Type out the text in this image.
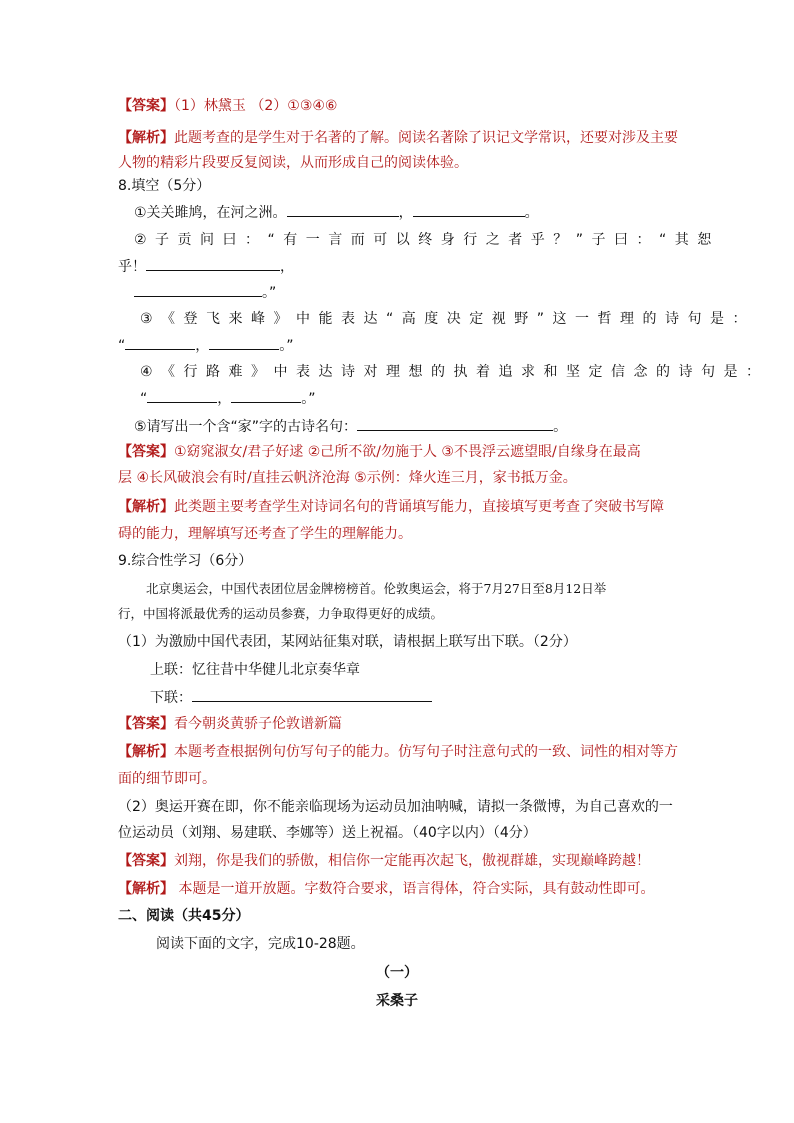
【答案】（1）林黛玉 （2）①③④⑥
【解析】此题考查的是学生对于名著的了解。阅读名著除了识记文学常识，还要对涉及主要
人物的精彩片段要反复阅读，从而形成自己的阅读体验。
8.填空（5分）
①关关雎鸠，在河之洲。	，	。
②子贡问曰：“有一言而可以终身行之者乎？”子曰：“其恕
乎！	，
。”
③《登飞来峰》中能表达“高度决定视野”这一哲理的诗句是：
“	，	。”
④《行路难》中表达诗对理想的执着追求和坚定信念的诗句是：
“	，	。”
⑤请写出一个含“家”字的古诗名句：	。
【答案】①窈窕淑女/君子好逑 ②己所不欲/勿施于人 ③不畏浮云遮望眼/自缘身在最高
层 ④长风破浪会有时/直挂云帆济沧海 ⑤示例：烽火连三月，家书抵万金。
【解析】此类题主要考查学生对诗词名句的背诵填写能力，直接填写更考查了突破书写障
碍的能力，理解填写还考查了学生的理解能力。
9.综合性学习（6分）
北京奥运会，中国代表团位居金牌榜榜首。伦敦奥运会，将于7月27日至8月12日举
行，中国将派最优秀的运动员参赛，力争取得更好的成绩。
（1）为激励中国代表团，某网站征集对联，请根据上联写出下联。（2分）
上联：忆往昔中华健儿北京奏华章
下联：
【答案】看今朝炎黄骄子伦敦谱新篇
【解析】本题考查根据例句仿写句子的能力。仿写句子时注意句式的一致、词性的相对等方
面的细节即可。
（2）奥运开赛在即，你不能亲临现场为运动员加油呐喊，请拟一条微博，为自己喜欢的一
位运动员（刘翔、易建联、李娜等）送上祝福。（40字以内）（4分）
【答案】刘翔，你是我们的骄傲，相信你一定能再次起飞，傲视群雄，实现巅峰跨越！
【解析】 本题是一道开放题。字数符合要求，语言得体，符合实际，具有鼓动性即可。
二、阅读（共45分）
阅读下面的文字，完成10-28题。
（一）
采桑子
